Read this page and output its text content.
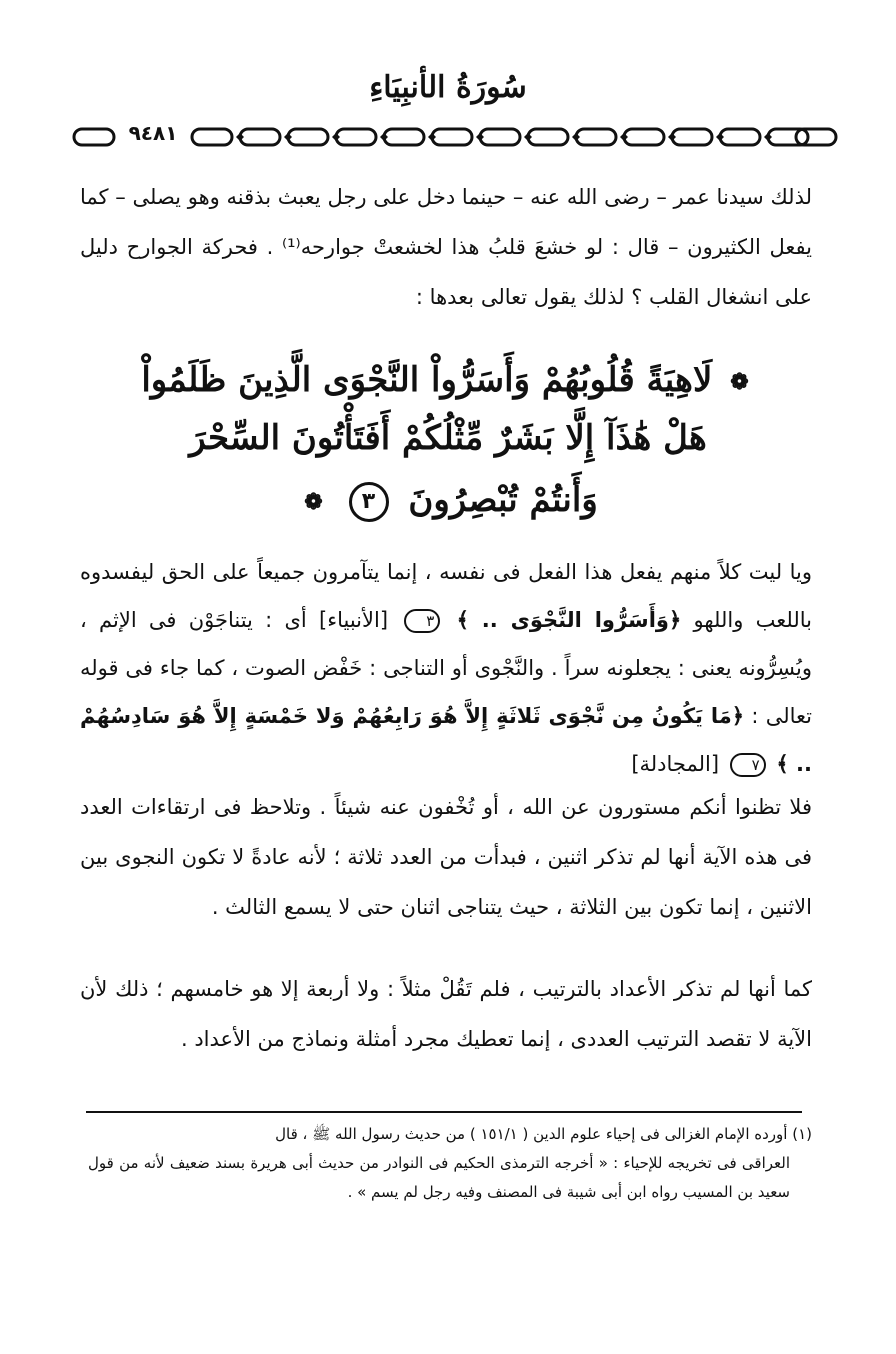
سُورَةُ الأنبِيَاءِ
٩٤٨١
لذلك سيدنا عمر – رضى الله عنه – حينما دخل على رجل يعبث بذقنه وهو يصلى – كما يفعل الكثيرون – قال : لو خشعَ قلبُ هذا لخشعتْ جوارحه⁽¹⁾ . فحركة الجوارح دليل على انشغال القلب ؟ لذلك يقول تعالى بعدها :
❁ لَاهِيَةً قُلُوبُهُمْ وَأَسَرُّواْ النَّجْوَى الَّذِينَ ظَلَمُواْ
هَلْ هَٰذَآ إِلَّا بَشَرٌ مِّثْلُكُمْ أَفَتَأْتُونَ السِّحْرَ
وَأَنتُمْ تُبْصِرُونَ ٣ ❁
ويا ليت كلاً منهم يفعل هذا الفعل فى نفسه ، إنما يتآمرون جميعاً على الحق ليفسدوه باللعب واللهو ﴿وَأَسَرُّوا النَّجْوَى .. ﴾ ٣ [الأنبياء] أى : يتناجَوْن فى الإثم ، ويُسِرُّونه يعنى : يجعلونه سراً . والنَّجْوى أو التناجى : خَفْض الصوت ، كما جاء فى قوله تعالى : ﴿مَا يَكُونُ مِن نَّجْوَى ثَلاثَةٍ إِلاَّ هُوَ رَابِعُهُمْ وَلا خَمْسَةٍ إِلاَّ هُوَ سَادِسُهُمْ .. ﴾ ٧ [المجادلة]
فلا تظنوا أنكم مستورون عن الله ، أو تُخْفون عنه شيئاً . وتلاحظ فى ارتقاءات العدد فى هذه الآية أنها لم تذكر اثنين ، فبدأت من العدد ثلاثة ؛ لأنه عادةً لا تكون النجوى بين الاثنين ، إنما تكون بين الثلاثة ، حيث يتناجى اثنان حتى لا يسمع الثالث .
كما أنها لم تذكر الأعداد بالترتيب ، فلم تَقُلْ مثلاً : ولا أربعة إلا هو خامسهم ؛ ذلك لأن الآية لا تقصد الترتيب العددى ، إنما تعطيك مجرد أمثلة ونماذج من الأعداد .
(١) أورده الإمام الغزالى فى إحياء علوم الدين ( ١٥١/١ ) من حديث رسول الله ﷺ ، قال
العراقى فى تخريجه للإحياء : « أخرجه الترمذى الحكيم فى النوادر من حديث أبى هريرة بسند ضعيف لأنه من قول سعيد بن المسيب رواه ابن أبى شيبة فى المصنف وفيه رجل لم يسم » .
